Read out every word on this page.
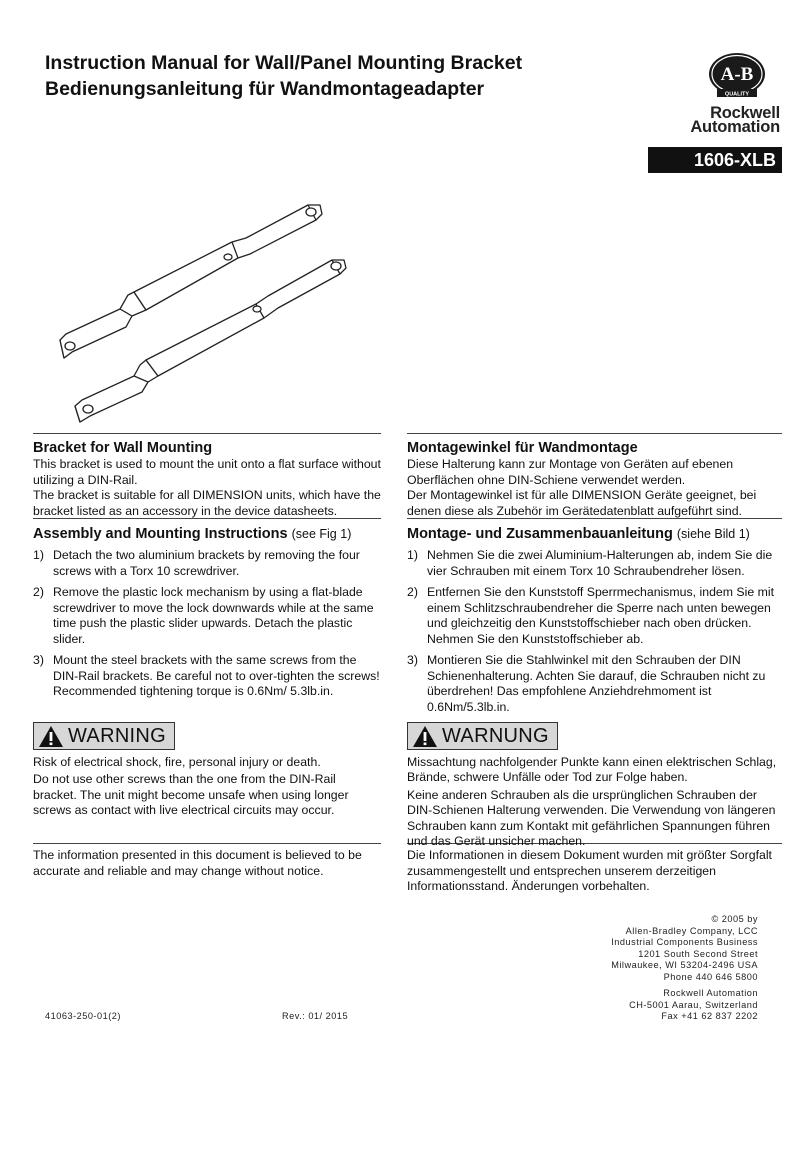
Instruction Manual for Wall/Panel Mounting Bracket
Bedienungsanleitung für Wandmontageadapter
A-B
QUALITY
Rockwell
Automation
1606-XLB
Bracket for Wall Mounting
This bracket is used to mount the unit onto a flat surface without utilizing a DIN-Rail.
The bracket is suitable for all DIMENSION units, which have the bracket listed as an accessory in the device datasheets.
Assembly and Mounting Instructions (see Fig 1)
1) Detach the two aluminium brackets by removing the four screws with a Torx 10 screwdriver.
2) Remove the plastic lock mechanism by using a flat-blade screwdriver to move the lock downwards while at the same time push the plastic slider upwards. Detach the plastic slider.
3) Mount the steel brackets with the same screws from the DIN-Rail brackets. Be careful not to over-tighten the screws! Recommended tightening torque is 0.6Nm/ 5.3lb.in.
WARNING
Risk of electrical shock, fire, personal injury or death.
Do not use other screws than the one from the DIN-Rail bracket. The unit might become unsafe when using longer screws as contact with live electrical circuits may occur.
The information presented in this document is believed to be accurate and reliable and may change without notice.
Montagewinkel für Wandmontage
Diese Halterung kann zur Montage von Geräten auf ebenen Oberflächen ohne DIN-Schiene verwendet werden.
Der Montagewinkel ist für alle DIMENSION Geräte geeignet, bei denen diese als Zubehör im Gerätedatenblatt aufgeführt sind.
Montage- und Zusammenbauanleitung (siehe Bild 1)
1) Nehmen Sie die zwei Aluminium-Halterungen ab, indem Sie die vier Schrauben mit einem Torx 10 Schraubendreher lösen.
2) Entfernen Sie den Kunststoff Sperrmechanismus, indem Sie mit einem Schlitzschraubendreher die Sperre nach unten bewegen und gleichzeitig den Kunststoffschieber nach oben drücken. Nehmen Sie den Kunststoffschieber ab.
3) Montieren Sie die Stahlwinkel mit den Schrauben der DIN Schienenhalterung. Achten Sie darauf, die Schrauben nicht zu überdrehen! Das empfohlene Anziehdrehmoment ist 0.6Nm/5.3lb.in.
WARNUNG
Missachtung nachfolgender Punkte kann einen elektrischen Schlag, Brände, schwere Unfälle oder Tod zur Folge haben.
Keine anderen Schrauben als die ursprünglichen Schrauben der DIN-Schienen Halterung verwenden. Die Verwendung von längeren Schrauben kann zum Kontakt mit gefährlichen Spannungen führen und das Gerät unsicher machen.
Die Informationen in diesem Dokument wurden mit größter Sorgfalt zusammengestellt und entsprechen unserem derzeitigen Informationsstand. Änderungen vorbehalten.
© 2005 by
Allen-Bradley Company, LCC
Industrial Components Business
1201 South Second Street
Milwaukee, WI 53204-2496 USA
Phone 440 646 5800
Rockwell Automation
CH-5001 Aarau, Switzerland
Fax +41 62 837 2202
41063-250-01(2)	Rev.: 01/ 2015
